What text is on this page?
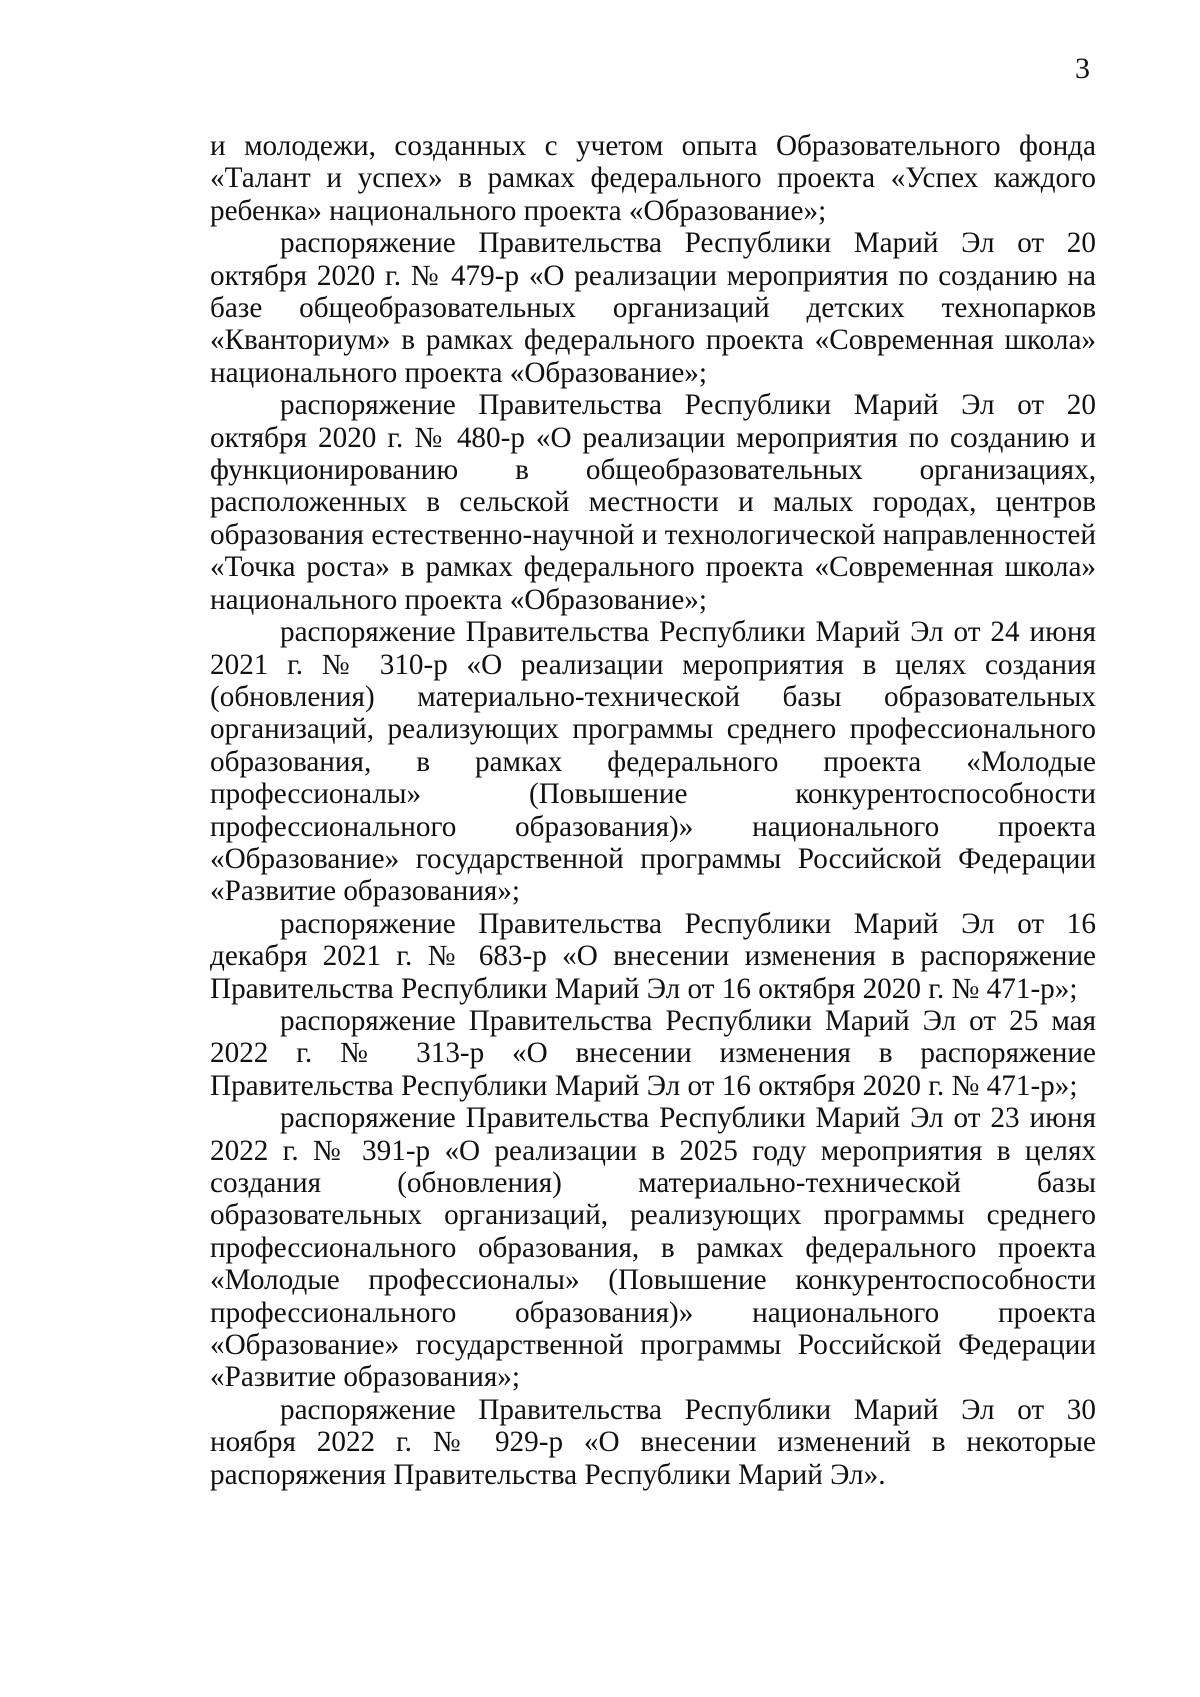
3

и молодежи, созданных с учетом опыта Образовательного фонда «Талант и успех» в рамках федерального проекта «Успех каждого ребенка» национального проекта «Образование»;

распоряжение Правительства Республики Марий Эл от 20 октября 2020 г. № 479-р «О реализации мероприятия по созданию на базе общеобразовательных организаций детских технопарков «Кванториум» в рамках федерального проекта «Современная школа» национального проекта «Образование»;

распоряжение Правительства Республики Марий Эл от 20 октября 2020 г. № 480-р «О реализации мероприятия по созданию и функционированию в общеобразовательных организациях, расположенных в сельской местности и малых городах, центров образования естественно-научной и технологической направленностей «Точка роста» в рамках федерального проекта «Современная школа» национального проекта «Образование»;

распоряжение Правительства Республики Марий Эл от 24 июня 2021 г. № 310-р «О реализации мероприятия в целях создания (обновления) материально-технической базы образовательных организаций, реализующих программы среднего профессионального образования, в рамках федерального проекта «Молодые профессионалы» (Повышение конкурентоспособности профессионального образования)» национального проекта «Образование» государственной программы Российской Федерации «Развитие образования»;

распоряжение Правительства Республики Марий Эл от 16 декабря 2021 г. № 683-р «О внесении изменения в распоряжение Правительства Республики Марий Эл от 16 октября 2020 г. № 471-р»;

распоряжение Правительства Республики Марий Эл от 25 мая 2022 г. № 313-р «О внесении изменения в распоряжение Правительства Республики Марий Эл от 16 октября 2020 г. № 471-р»;

распоряжение Правительства Республики Марий Эл от 23 июня 2022 г. № 391-р «О реализации в 2025 году мероприятия в целях создания (обновления) материально-технической базы образовательных организаций, реализующих программы среднего профессионального образования, в рамках федерального проекта «Молодые профессионалы» (Повышение конкурентоспособности профессионального образования)» национального проекта «Образование» государственной программы Российской Федерации «Развитие образования»;

распоряжение Правительства Республики Марий Эл от 30 ноября 2022 г. № 929-р «О внесении изменений в некоторые распоряжения Правительства Республики Марий Эл».
